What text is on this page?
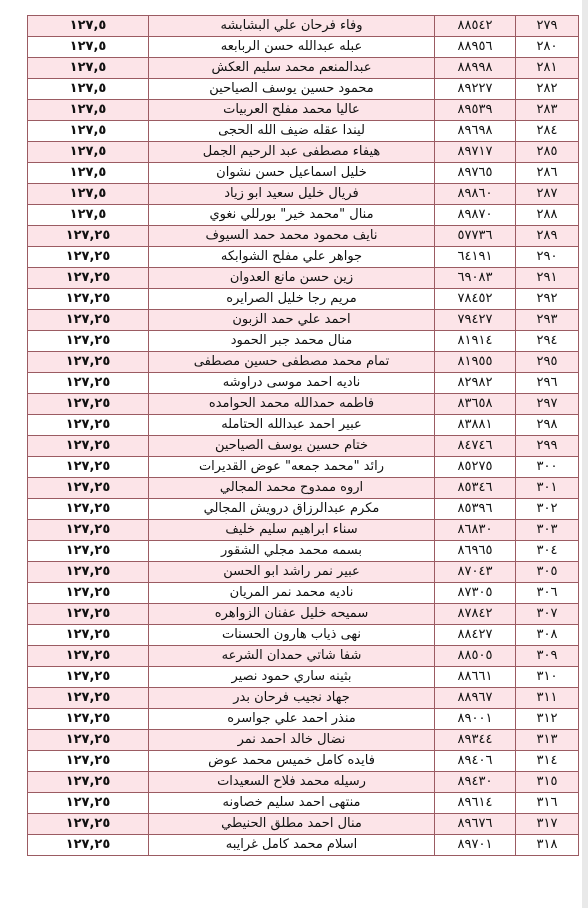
٢٧٩	٨٨٥٤٢	وفاء فرحان علي البشابشه	١٢٧,٥
٢٨٠	٨٨٩٥٦	عبله عبدالله حسن الربابعه	١٢٧,٥
٢٨١	٨٨٩٩٨	عبدالمنعم محمد سليم العكش	١٢٧,٥
٢٨٢	٨٩٢٢٧	محمود حسين يوسف الصياحين	١٢٧,٥
٢٨٣	٨٩٥٣٩	عاليا محمد مفلح العربيات	١٢٧,٥
٢٨٤	٨٩٦٩٨	ليندا عقله ضيف الله الحجى	١٢٧,٥
٢٨٥	٨٩٧١٧	هيفاء مصطفى عبد الرحيم الجمل	١٢٧,٥
٢٨٦	٨٩٧٦٥	خليل اسماعيل حسن نشوان	١٢٧,٥
٢٨٧	٨٩٨٦٠	فريال خليل سعيد ابو زياد	١٢٧,٥
٢٨٨	٨٩٨٧٠	منال "محمد خير" بورللي نغوي	١٢٧,٥
٢٨٩	٥٧٧٣٦	نايف محمود محمد حمد السيوف	١٢٧,٢٥
٢٩٠	٦٤١٩١	جواهر علي مفلح الشوابكه	١٢٧,٢٥
٢٩١	٦٩٠٨٣	زين حسن مانع العدوان	١٢٧,٢٥
٢٩٢	٧٨٤٥٢	مريم رجا خليل الصرايره	١٢٧,٢٥
٢٩٣	٧٩٤٢٧	احمد علي حمد الزبون	١٢٧,٢٥
٢٩٤	٨١٩١٤	منال محمد جبر الحمود	١٢٧,٢٥
٢٩٥	٨١٩٥٥	تمام محمد مصطفى حسين مصطفى	١٢٧,٢٥
٢٩٦	٨٢٩٨٢	ناديه احمد موسى دراوشه	١٢٧,٢٥
٢٩٧	٨٣٦٥٨	فاطمه حمدالله محمد الحوامده	١٢٧,٢٥
٢٩٨	٨٣٨٨١	عبير احمد عبدالله الحتامله	١٢٧,٢٥
٢٩٩	٨٤٧٤٦	ختام حسين يوسف الصياحين	١٢٧,٢٥
٣٠٠	٨٥٢٧٥	رائد "محمد جمعه" عوض القديرات	١٢٧,٢٥
٣٠١	٨٥٣٤٦	اروه ممدوح محمد المجالي	١٢٧,٢٥
٣٠٢	٨٥٣٩٦	مكرم عبدالرزاق درويش المجالي	١٢٧,٢٥
٣٠٣	٨٦٨٣٠	سناء ابراهيم سليم خليف	١٢٧,٢٥
٣٠٤	٨٦٩٦٥	بسمه محمد مجلي الشقور	١٢٧,٢٥
٣٠٥	٨٧٠٤٣	عبير نمر راشد ابو الحسن	١٢٧,٢٥
٣٠٦	٨٧٣٠٥	ناديه محمد نمر المريان	١٢٧,٢٥
٣٠٧	٨٧٨٤٢	سميحه خليل عفنان الزواهره	١٢٧,٢٥
٣٠٨	٨٨٤٢٧	نهى ذياب هارون الحسنات	١٢٧,٢٥
٣٠٩	٨٨٥٠٥	شفا شاتي حمدان الشرعه	١٢٧,٢٥
٣١٠	٨٨٦٦١	بثينه ساري حمود نصير	١٢٧,٢٥
٣١١	٨٨٩٦٧	جهاد نجيب فرحان بدر	١٢٧,٢٥
٣١٢	٨٩٠٠١	منذر احمد علي جواسره	١٢٧,٢٥
٣١٣	٨٩٣٤٤	نضال خالد احمد نمر	١٢٧,٢٥
٣١٤	٨٩٤٠٦	فايده كامل خميس محمد عوض	١٢٧,٢٥
٣١٥	٨٩٤٣٠	رسيله محمد فلاح السعيدات	١٢٧,٢٥
٣١٦	٨٩٦١٤	منتهى احمد سليم خصاونه	١٢٧,٢٥
٣١٧	٨٩٦٧٦	منال احمد مطلق الحنيطي	١٢٧,٢٥
٣١٨	٨٩٧٠١	اسلام محمد كامل غرايبه	١٢٧,٢٥
